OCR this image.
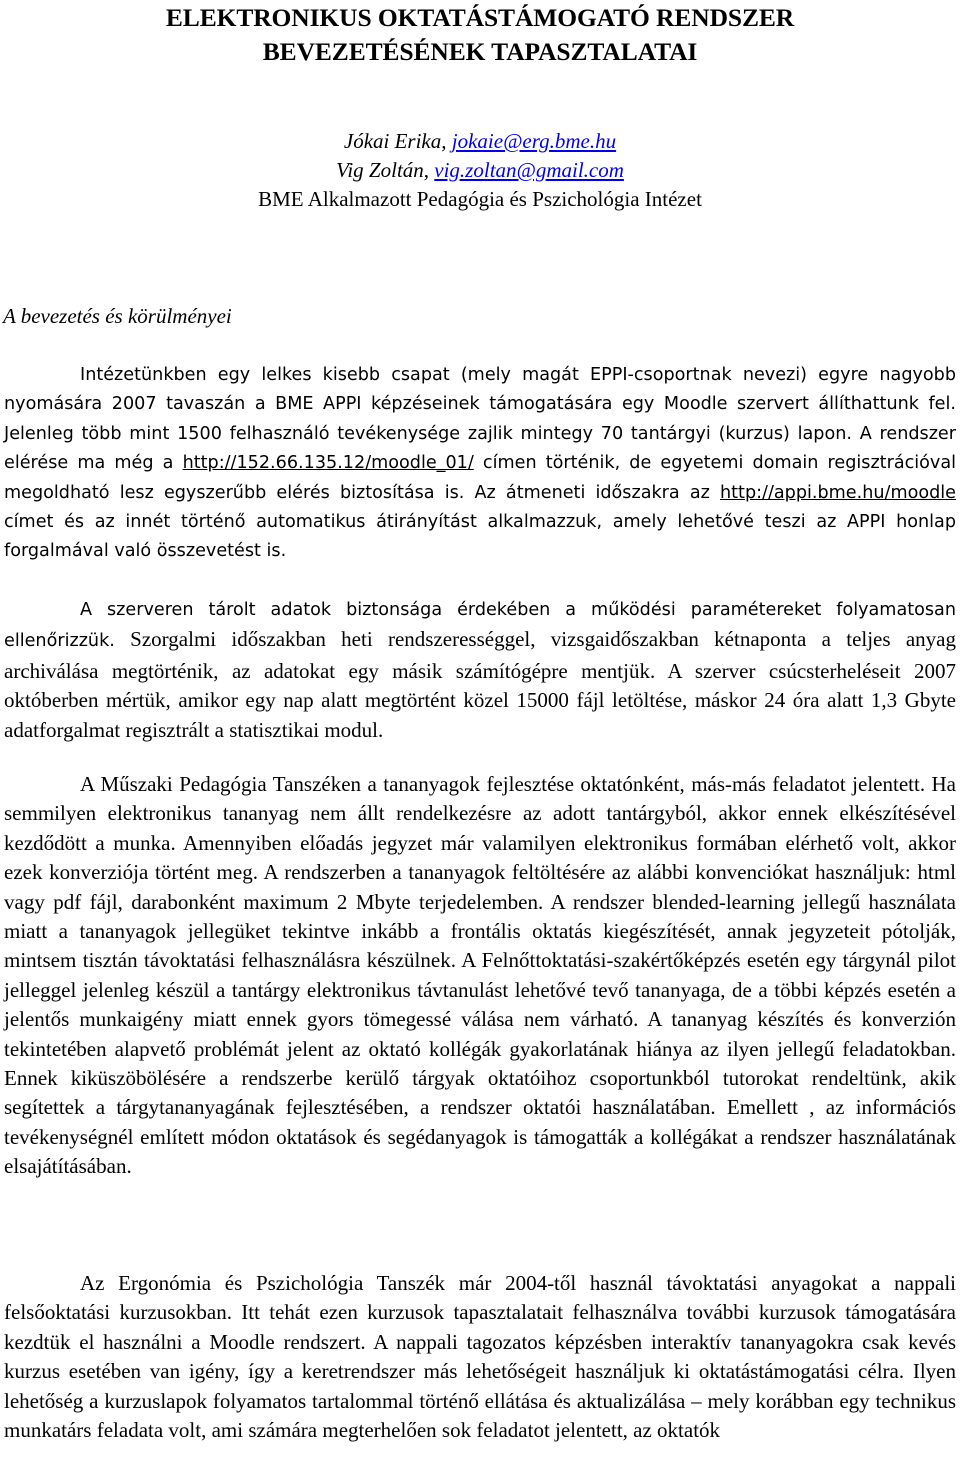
ELEKTRONIKUS OKTATÁSTÁMOGATÓ RENDSZER
BEVEZETÉSÉNEK TAPASZTALATAI
Jókai Erika, jokaie@erg.bme.hu
Vig Zoltán, vig.zoltan@gmail.com
BME Alkalmazott Pedagógia és Pszichológia Intézet
A bevezetés és körülményei

Intézetünkben egy lelkes kisebb csapat (mely magát EPPI-csoportnak nevezi) egyre nagyobb nyomására 2007 tavaszán a BME APPI képzéseinek támogatására egy Moodle szervert állíthattunk fel. Jelenleg több mint 1500 felhasználó tevékenysége zajlik mintegy 70 tantárgyi (kurzus) lapon. A rendszer elérése ma még a http://152.66.135.12/moodle_01/ címen történik, de egyetemi domain regisztrációval megoldható lesz egyszerűbb elérés biztosítása is. Az átmeneti időszakra az http://appi.bme.hu/moodle címet és az innét történő automatikus átirányítást alkalmazzuk, amely lehetővé teszi az APPI honlap forgalmával való összevetést is.

A szerveren tárolt adatok biztonsága érdekében a működési paramétereket folyamatosan ellenőrizzük. Szorgalmi időszakban heti rendszerességgel, vizsgaidőszakban kétnaponta a teljes anyag archiválása megtörténik, az adatokat egy másik számítógépre mentjük. A szerver csúcsterheléseit 2007 októberben mértük, amikor egy nap alatt megtörtént közel 15000 fájl letöltése, máskor 24 óra alatt 1,3 Gbyte adatforgalmat regisztrált a statisztikai modul.

A Műszaki Pedagógia Tanszéken a tananyagok fejlesztése oktatónként, más-más feladatot jelentett. Ha semmilyen elektronikus tananyag nem állt rendelkezésre az adott tantárgyból, akkor ennek elkészítésével kezdődött a munka. Amennyiben előadás jegyzet már valamilyen elektronikus formában elérhető volt, akkor ezek konverziója történt meg. A rendszerben a tananyagok feltöltésére az alábbi konvenciókat használjuk: html vagy pdf fájl, darabonként maximum 2 Mbyte terjedelemben. A rendszer blended-learning jellegű használata miatt a tananyagok jellegüket tekintve inkább a frontális oktatás kiegészítését, annak jegyzeteit pótolják, mintsem tisztán távoktatási felhasználásra készülnek. A Felnőttoktatási-szakértőképzés esetén egy tárgynál pilot jelleggel jelenleg készül a tantárgy elektronikus távtanulást lehetővé tevő tananyaga, de a többi képzés esetén a jelentős munkaigény miatt ennek gyors tömegessé válása nem várható. A tananyag készítés és konverzión tekintetében alapvető problémát jelent az oktató kollégák gyakorlatának hiánya az ilyen jellegű feladatokban. Ennek kiküszöbölésére a rendszerbe kerülő tárgyak oktatóihoz csoportunkból tutorokat rendeltünk, akik segítettek a tárgytananyagának fejlesztésében, a rendszer oktatói használatában. Emellett , az információs tevékenységnél említett módon oktatások és segédanyagok is támogatták a kollégákat a rendszer használatának elsajátításában.

Az Ergonómia és Pszichológia Tanszék már 2004-től használ távoktatási anyagokat a nappali felsőoktatási kurzusokban. Itt tehát ezen kurzusok tapasztalatait felhasználva további kurzusok támogatására kezdtük el használni a Moodle rendszert. A nappali tagozatos képzésben interaktív tananyagokra csak kevés kurzus esetében van igény, így a keretrendszer más lehetőségeit használjuk ki oktatástámogatási célra. Ilyen lehetőség a kurzuslapok folyamatos tartalommal történő ellátása és aktualizálása – mely korábban egy technikus munkatárs feladata volt, ami számára megterhelően sok feladatot jelentett, az oktatók
